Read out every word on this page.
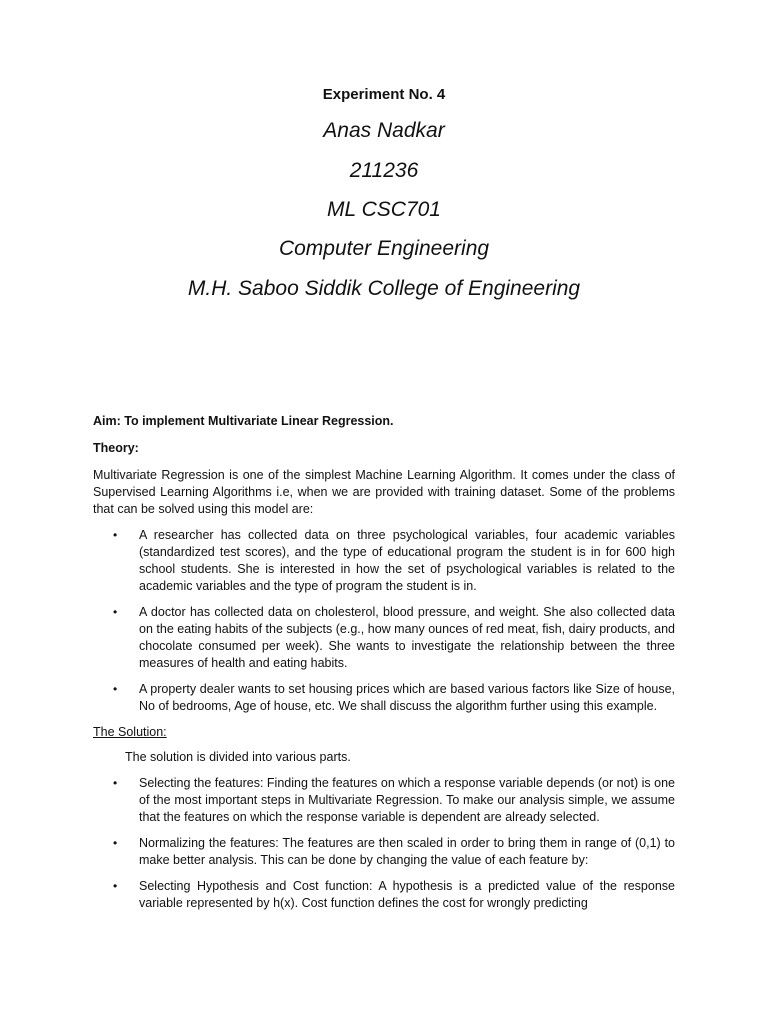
Experiment No. 4
Anas Nadkar
211236
ML CSC701
Computer Engineering
M.H. Saboo Siddik College of Engineering

Aim: To implement Multivariate Linear Regression.

Theory:

Multivariate Regression is one of the simplest Machine Learning Algorithm. It comes under the class of Supervised Learning Algorithms i.e, when we are provided with training dataset. Some of the problems that can be solved using this model are:

• A researcher has collected data on three psychological variables, four academic variables (standardized test scores), and the type of educational program the student is in for 600 high school students. She is interested in how the set of psychological variables is related to the academic variables and the type of program the student is in.
• A doctor has collected data on cholesterol, blood pressure, and weight. She also collected data on the eating habits of the subjects (e.g., how many ounces of red meat, fish, dairy products, and chocolate consumed per week). She wants to investigate the relationship between the three measures of health and eating habits.
• A property dealer wants to set housing prices which are based various factors like Size of house, No of bedrooms, Age of house, etc. We shall discuss the algorithm further using this example.

The Solution:

The solution is divided into various parts.

• Selecting the features: Finding the features on which a response variable depends (or not) is one of the most important steps in Multivariate Regression. To make our analysis simple, we assume that the features on which the response variable is dependent are already selected.
• Normalizing the features: The features are then scaled in order to bring them in range of (0,1) to make better analysis. This can be done by changing the value of each feature by:
• Selecting Hypothesis and Cost function: A hypothesis is a predicted value of the response variable represented by h(x). Cost function defines the cost for wrongly predicting
